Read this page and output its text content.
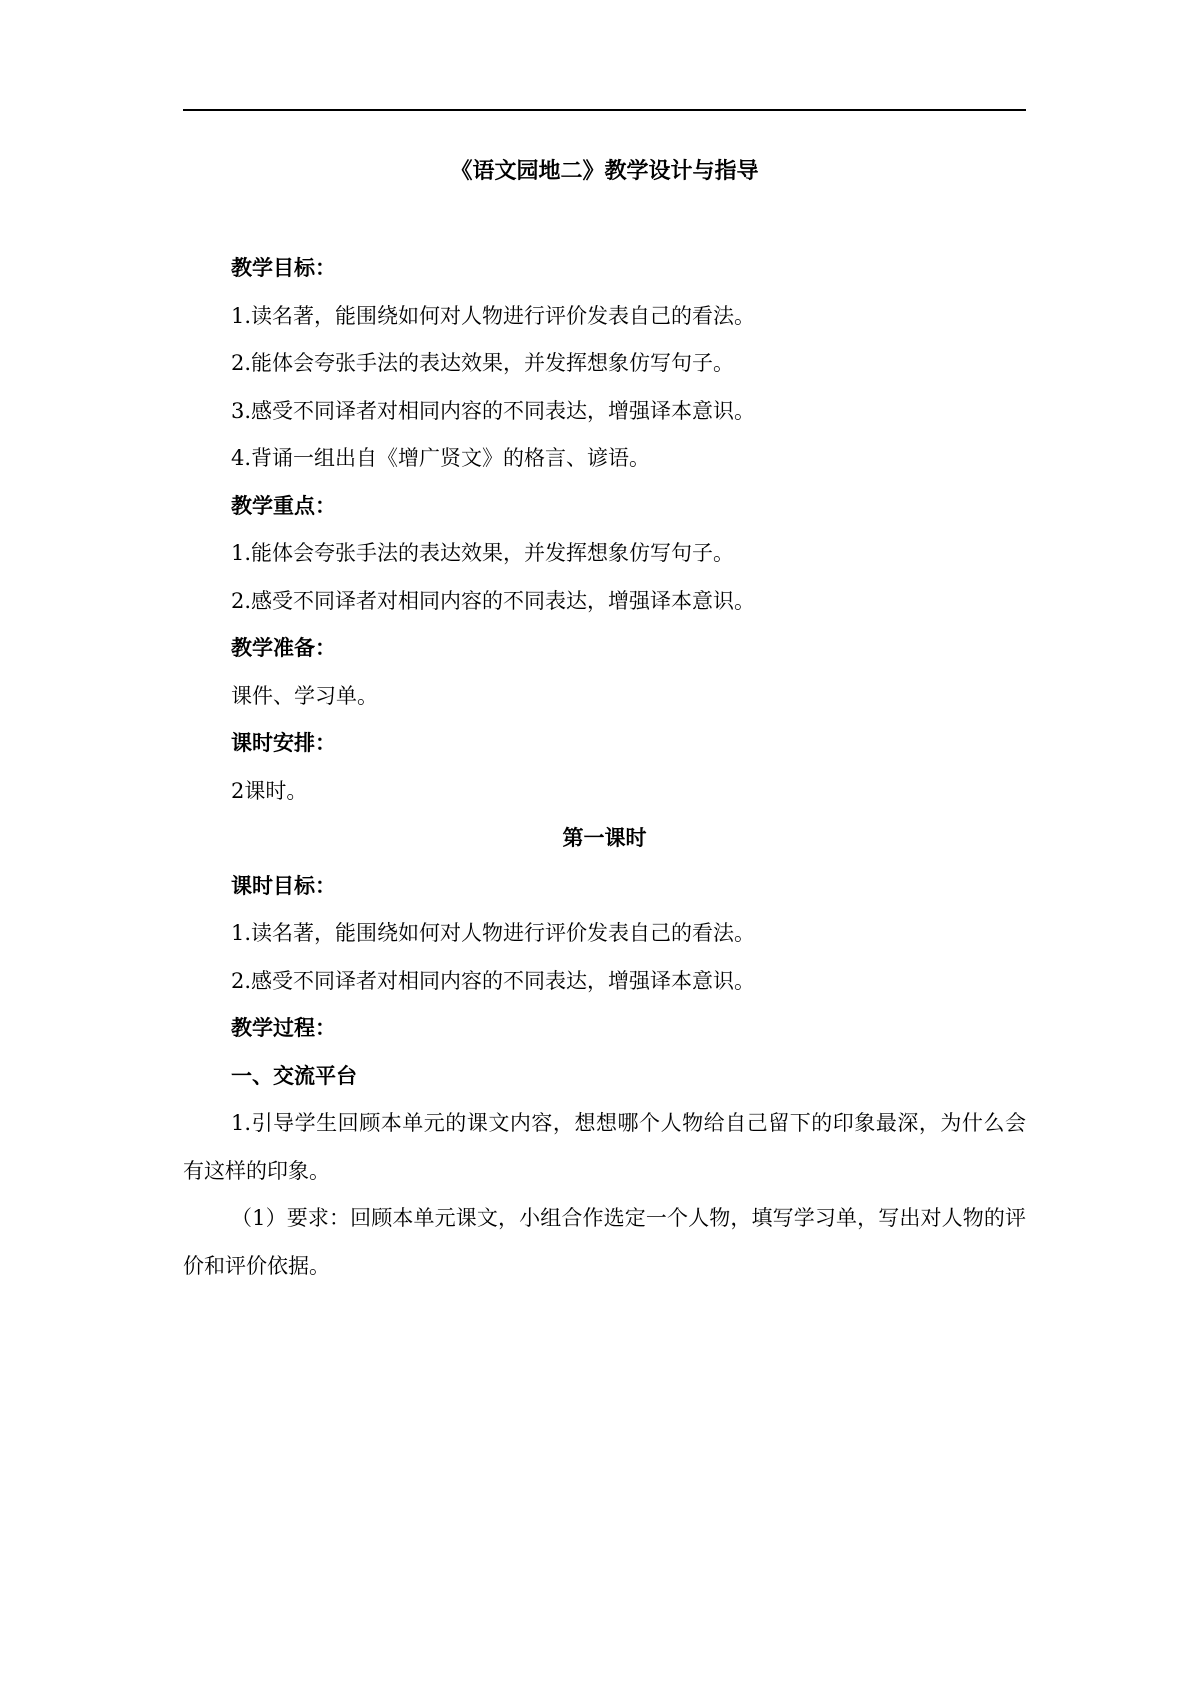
《语文园地二》教学设计与指导
教学目标：
1.读名著，能围绕如何对人物进行评价发表自己的看法。
2.能体会夸张手法的表达效果，并发挥想象仿写句子。
3.感受不同译者对相同内容的不同表达，增强译本意识。
4.背诵一组出自《增广贤文》的格言、谚语。
教学重点：
1.能体会夸张手法的表达效果，并发挥想象仿写句子。
2.感受不同译者对相同内容的不同表达，增强译本意识。
教学准备：
课件、学习单。
课时安排：
2课时。
第一课时
课时目标：
1.读名著，能围绕如何对人物进行评价发表自己的看法。
2.感受不同译者对相同内容的不同表达，增强译本意识。
教学过程：
一、交流平台

1.引导学生回顾本单元的课文内容，想想哪个人物给自己留下的印象最深，为什么会有这样的印象。

（1）要求：回顾本单元课文，小组合作选定一个人物，填写学习单，写出对人物的评价和评价依据。
